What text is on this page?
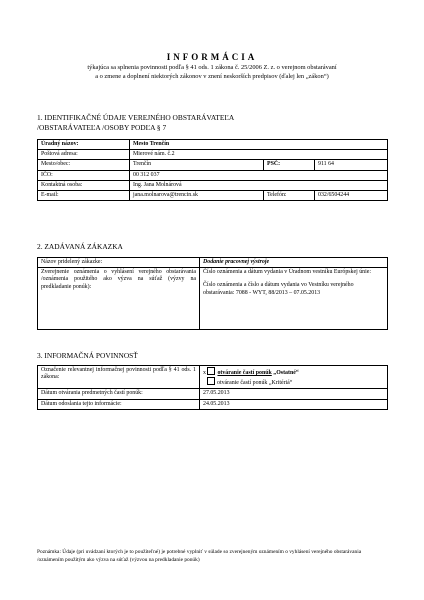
INFORMÁCIA
týkajúca sa splnenia povinnosti podľa § 41 ods. 1 zákona č. 25/2006 Z. z. o verejnom obstarávaní
a o zmene a doplnení niektorých zákonov v znení neskorších predpisov (ďalej len „zákon“)
1. IDENTIFIKAČNÉ ÚDAJE VEREJNÉHO OBSTARÁVATEĽA
/OBSTARÁVATEĽA /OSOBY PODĽA § 7
Úradný názov:	Mesto Trenčín		
Poštová adresa:	Mierové nám. č.2		
Mesto/obec:	Trenčín	PSČ:	911 64
IČO:	00 312 037		
Kontaktná osoba:	Ing. Jana Molnárová		
E-mail:	jana.molnarova@trencin.sk	Telefón:	032/6504244
2. ZADÁVANÁ ZÁKAZKA
Názov pridelený zákazke:	Dodanie pracovnej výstroje
Zverejnenie oznámenia o vyhlásení verejného obstarávania /oznámenia použitého ako výzva na súťaž (výzvy na predkladanie ponúk):	Číslo oznámenia a dátum vydania v Úradnom vestníku Európskej únie:
Číslo oznámenia a číslo a dátum vydania vo Vestníku verejného obstarávania: 7088 - WYT, 88/2013 – 07.05.2013
3. INFORMAČNÁ POVINNOSŤ
Označenie relevantnej informačnej povinnosti podľa § 41 ods. 1 zákona:	x otváranie častí ponúk „Ostatné“
otváranie častí ponúk „Kritériá“

Dátum otvárania predmetných častí ponúk:	27.05.2013
Dátum odoslania tejto informácie:	24.05.2013
Poznámka: Údaje (pri uvádzaní ktorých je to použiteľné) je potrebné vyplniť v súlade so zverejneným oznámením o vyhlásení verejného obstarávania /oznámením použitým ako výzva na súťaž (výzvou na predkladanie ponúk)
